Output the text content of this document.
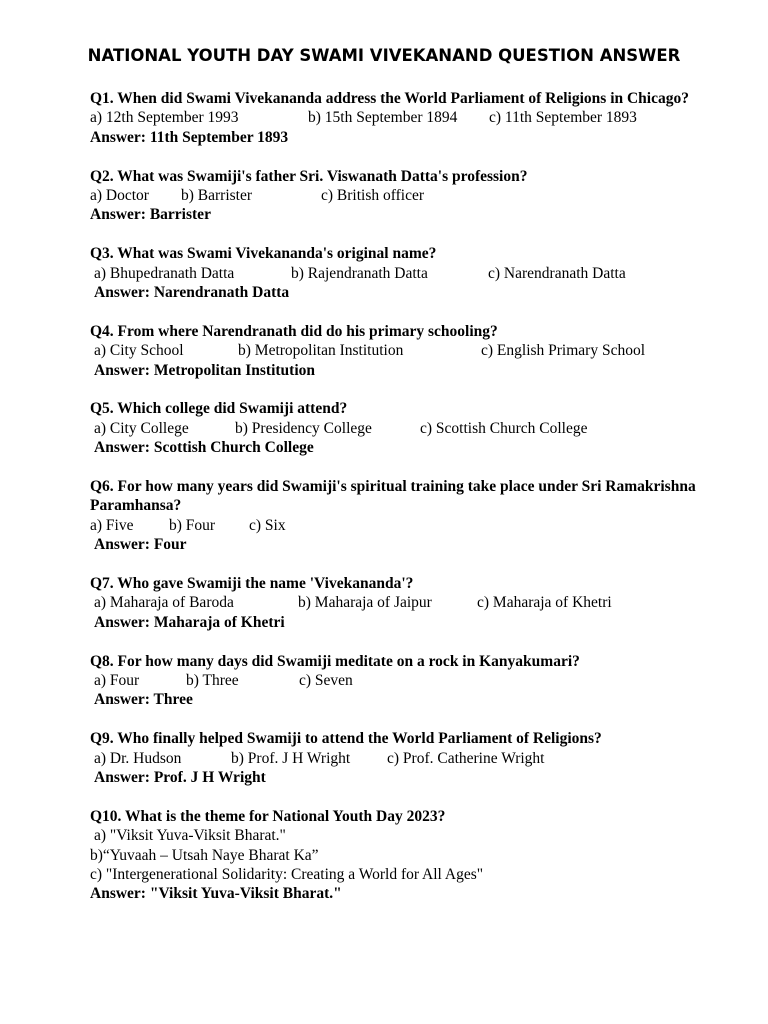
NATIONAL YOUTH DAY SWAMI VIVEKANAND QUESTION ANSWER
Q1. When did Swami Vivekananda address the World Parliament of Religions in Chicago?
a) 12th September 1993	b) 15th September 1894 c) 11th September 1893
Answer: 11th September 1893
Q2. What was Swamiji's father Sri. Viswanath Datta's profession?
a) Doctor b) Barrister	c) British officer
Answer: Barrister
Q3. What was Swami Vivekananda's original name?
a) Bhupedranath Datta	b) Rajendranath Datta	c) Narendranath Datta
Answer: Narendranath Datta
Q4. From where Narendranath did do his primary schooling?
a) City School	b) Metropolitan Institution	c) English Primary School
Answer: Metropolitan Institution
Q5. Which college did Swamiji attend?
a) City College	b) Presidency College	c) Scottish Church College
Answer: Scottish Church College
Q6. For how many years did Swamiji's spiritual training take place under Sri Ramakrishna Paramhansa?
a) Five b) Four c) Six
Answer: Four
Q7. Who gave Swamiji the name 'Vivekananda'?
a) Maharaja of Baroda	b) Maharaja of Jaipur	c) Maharaja of Khetri
Answer: Maharaja of Khetri
Q8. For how many days did Swamiji meditate on a rock in Kanyakumari?
a) Four	b) Three	c) Seven
Answer: Three
Q9. Who finally helped Swamiji to attend the World Parliament of Religions?
a) Dr. Hudson	b) Prof. J H Wright c) Prof. Catherine Wright
Answer: Prof. J H Wright
Q10. What is the theme for National Youth Day 2023?
a) "Viksit Yuva-Viksit Bharat."
b)“Yuvaah – Utsah Naye Bharat Ka”
c) "Intergenerational Solidarity: Creating a World for All Ages"
Answer: "Viksit Yuva-Viksit Bharat."
